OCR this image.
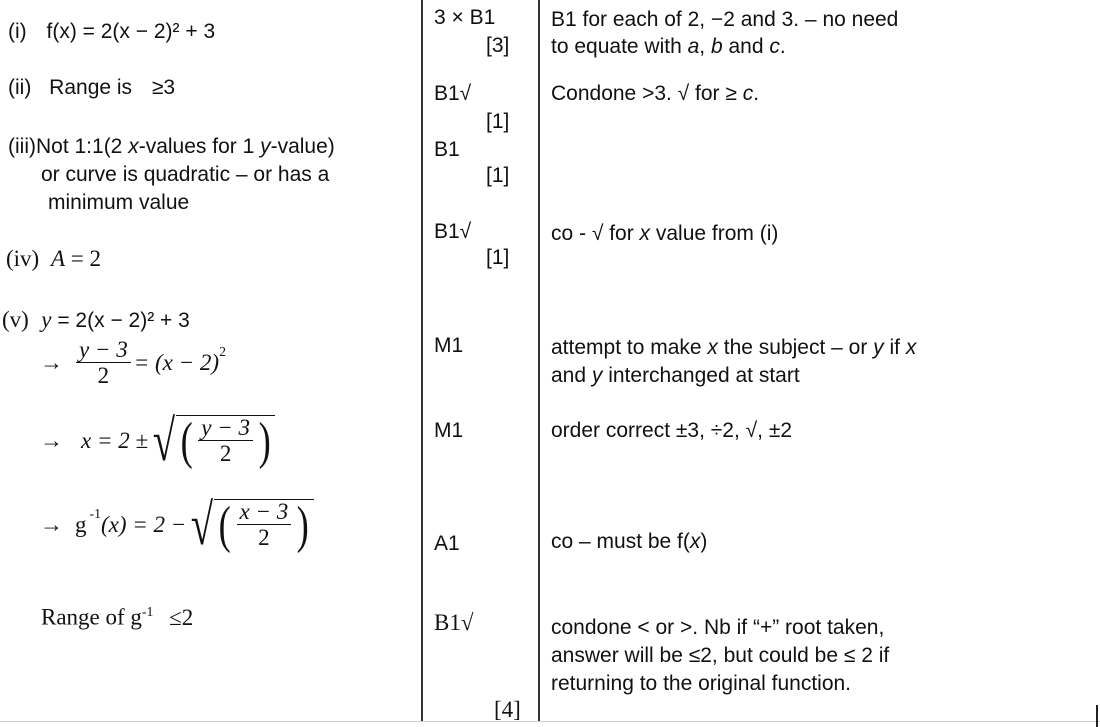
(i) f(x) = 2(x − 2)² + 3
(ii) Range is ≥3
(iii)Not 1:1(2 x-values for 1 y-value)
or curve is quadratic – or has a
minimum value
(iv) A = 2
(v) y = 2(x − 2)² + 3
→ $\frac{y - 3}{2} = (x - 2)^2$
→ x = 2 ± √ ( $\frac{y - 3}{2}$ )
→ $g^{-1}$ (x) = 2 − √ ( $\frac{x - 3}{2}$ )
Range of $g^{-1} \le 2$
3 × B1
[3]
B1√
[1]
B1
[1]
B1√
[1]
M1
M1
A1
B1√
[4]
B1 for each of 2, −2 and 3. – no need
to equate with a, b and c.
Condone >3. √ for ≥ c.
co - √ for x value from (i)
attempt to make x the subject – or y if x
and y interchanged at start
order correct ±3, ÷2, √, ±2
co – must be f(x)
condone < or >. Nb if “+” root taken,
answer will be ≤2, but could be ≤ 2 if
returning to the original function.
